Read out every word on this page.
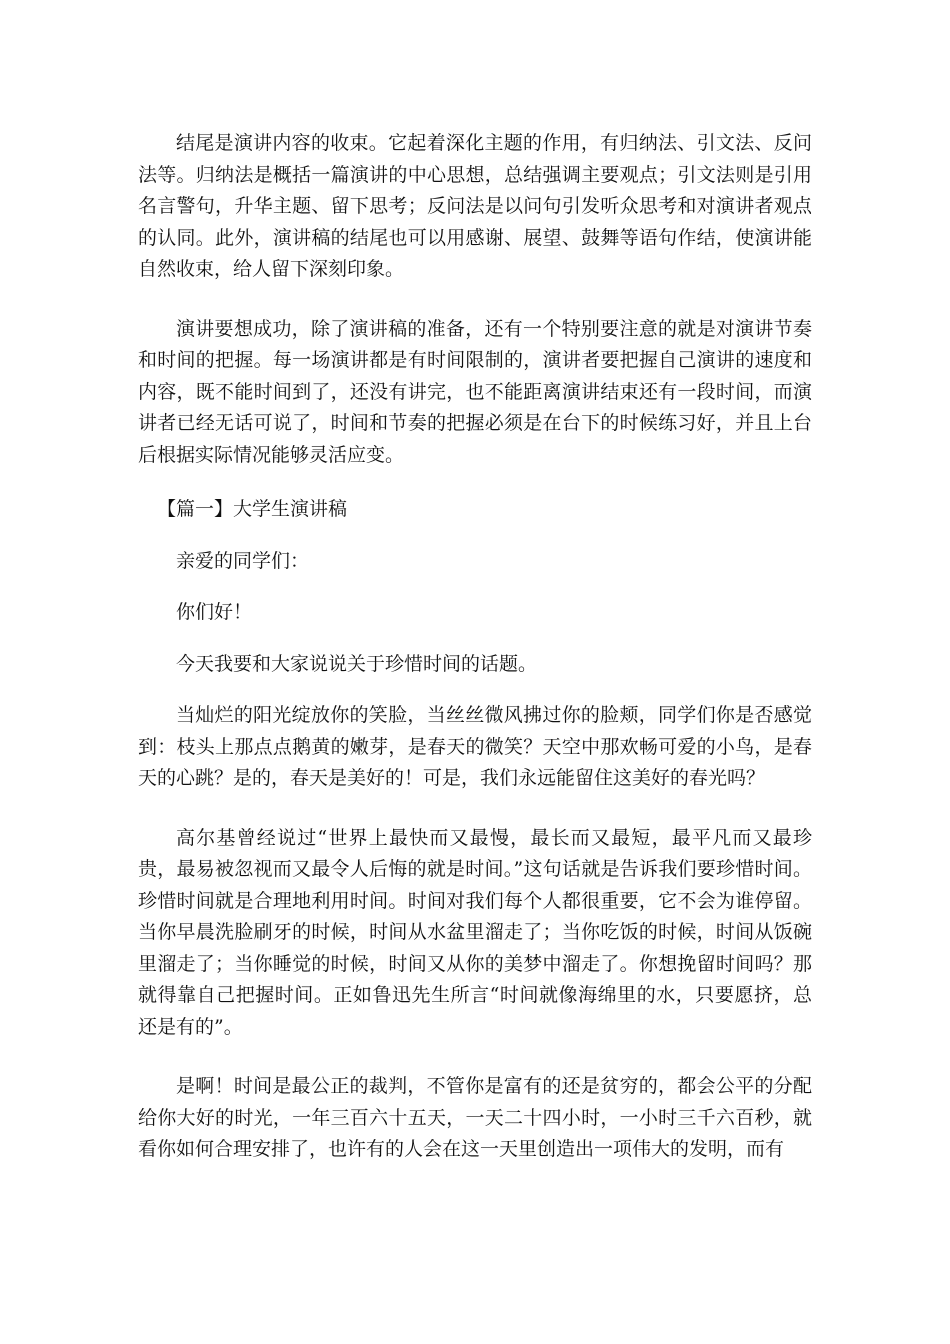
结尾是演讲内容的收束。它起着深化主题的作用，有归纳法、引文法、反问法等。归纳法是概括一篇演讲的中心思想，总结强调主要观点；引文法则是引用名言警句，升华主题、留下思考；反问法是以问句引发听众思考和对演讲者观点的认同。此外，演讲稿的结尾也可以用感谢、展望、鼓舞等语句作结，使演讲能自然收束，给人留下深刻印象。

演讲要想成功，除了演讲稿的准备，还有一个特别要注意的就是对演讲节奏和时间的把握。每一场演讲都是有时间限制的，演讲者要把握自己演讲的速度和内容，既不能时间到了，还没有讲完，也不能距离演讲结束还有一段时间，而演讲者已经无话可说了，时间和节奏的把握必须是在台下的时候练习好，并且上台后根据实际情况能够灵活应变。

【篇一】大学生演讲稿

亲爱的同学们：

你们好！

今天我要和大家说说关于珍惜时间的话题。

当灿烂的阳光绽放你的笑脸，当丝丝微风拂过你的脸颊，同学们你是否感觉到：枝头上那点点鹅黄的嫩芽，是春天的微笑？天空中那欢畅可爱的小鸟，是春天的心跳？是的，春天是美好的！可是，我们永远能留住这美好的春光吗？

高尔基曾经说过“世界上最快而又最慢，最长而又最短，最平凡而又最珍贵，最易被忽视而又最令人后悔的就是时间。”这句话就是告诉我们要珍惜时间。珍惜时间就是合理地利用时间。时间对我们每个人都很重要，它不会为谁停留。当你早晨洗脸刷牙的时候，时间从水盆里溜走了；当你吃饭的时候，时间从饭碗里溜走了；当你睡觉的时候，时间又从你的美梦中溜走了。你想挽留时间吗？那就得靠自己把握时间。正如鲁迅先生所言“时间就像海绵里的水，只要愿挤，总还是有的”。

是啊！时间是最公正的裁判，不管你是富有的还是贫穷的，都会公平的分配给你大好的时光，一年三百六十五天，一天二十四小时，一小时三千六百秒，就看你如何合理安排了，也许有的人会在这一天里创造出一项伟大的发明，而有
